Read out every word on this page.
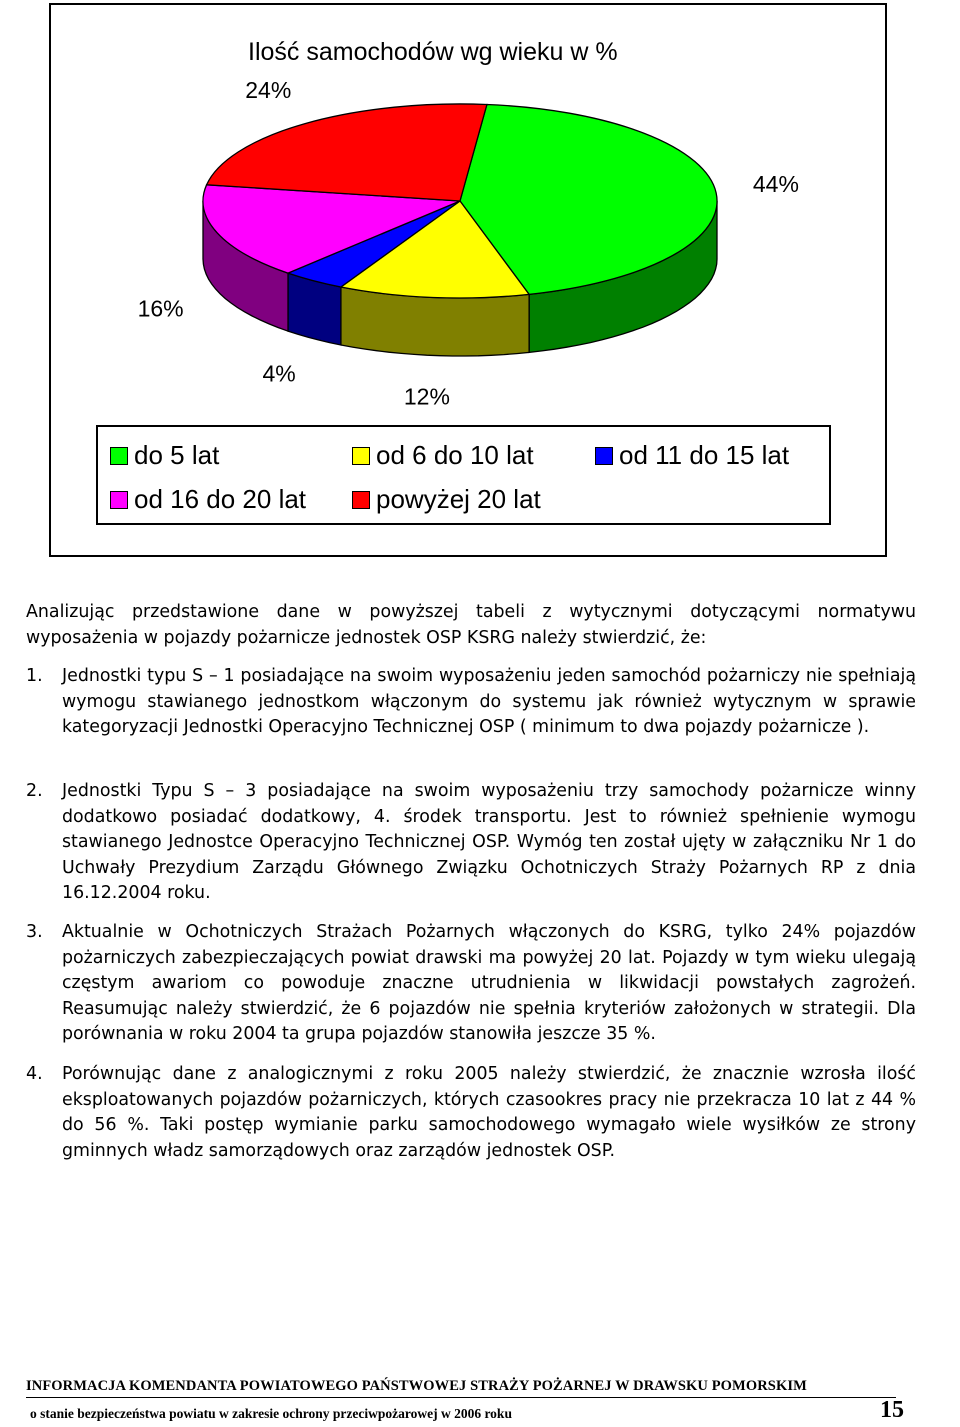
Ilość samochodów wg wieku w %
44%
12%
4%
16%
24%
do 5 lat	od 6 do 10 lat	od 11 do 15 lat
od 16 do 20 lat	powyżej 20 lat

Analizując przedstawione dane w powyższej tabeli z wytycznymi dotyczącymi normatywu wyposażenia w pojazdy pożarnicze jednostek OSP KSRG należy stwierdzić, że:

1. Jednostki typu S – 1 posiadające na swoim wyposażeniu jeden samochód pożarniczy nie spełniają wymogu stawianego jednostkom włączonym do systemu jak również wytycznym w sprawie kategoryzacji Jednostki Operacyjno Technicznej OSP ( minimum to dwa pojazdy pożarnicze ).
2. Jednostki Typu S – 3 posiadające na swoim wyposażeniu trzy samochody pożarnicze winny dodatkowo posiadać dodatkowy, 4. środek transportu. Jest to również spełnienie wymogu stawianego Jednostce Operacyjno Technicznej OSP. Wymóg ten został ujęty w załączniku Nr 1 do Uchwały Prezydium Zarządu Głównego Związku Ochotniczych Straży Pożarnych RP z dnia 16.12.2004 roku.
3. Aktualnie w Ochotniczych Strażach Pożarnych włączonych do KSRG, tylko 24% pojazdów pożarniczych zabezpieczających powiat drawski ma powyżej 20 lat. Pojazdy w tym wieku ulegają częstym awariom co powoduje znaczne utrudnienia w likwidacji powstałych zagrożeń. Reasumując należy stwierdzić, że 6 pojazdów nie spełnia kryteriów założonych w strategii. Dla porównania w roku 2004 ta grupa pojazdów stanowiła jeszcze 35 %.
4. Porównując dane z analogicznymi z roku 2005 należy stwierdzić, że znacznie wzrosła ilość eksploatowanych pojazdów pożarniczych, których czasookres pracy nie przekracza 10 lat z 44 % do 56 %. Taki postęp wymianie parku samochodowego wymagało wiele wysiłków ze strony gminnych władz samorządowych oraz zarządów jednostek OSP.
INFORMACJA KOMENDANTA POWIATOWEGO PAŃSTWOWEJ STRAŻY POŻARNEJ W DRAWSKU POMORSKIM
o stanie bezpieczeństwa powiatu w zakresie ochrony przeciwpożarowej w 2006 roku	15
